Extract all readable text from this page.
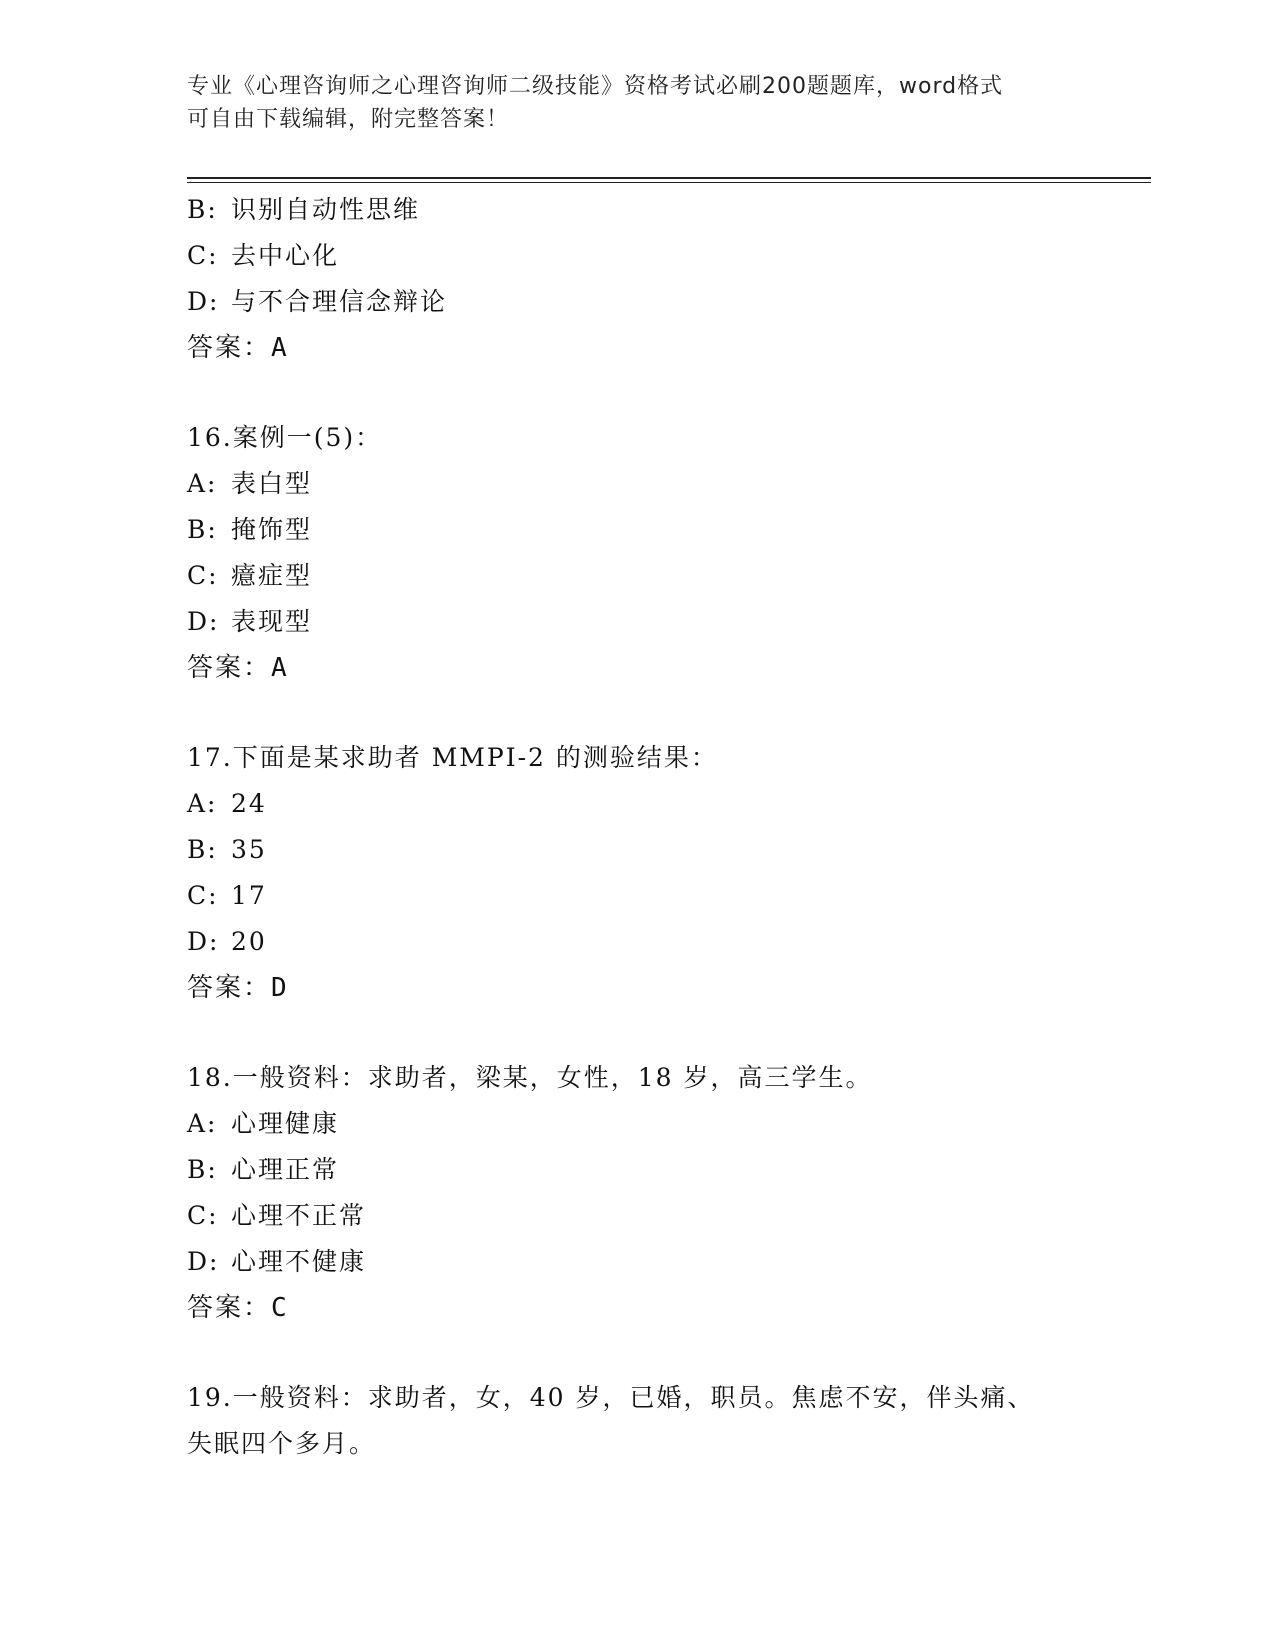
专业《心理咨询师之心理咨询师二级技能》资格考试必刷200题题库，word格式
可自由下载编辑，附完整答案！
B: 识别自动性思维
C: 去中心化
D: 与不合理信念辩论
答案：A
16.案例一(5)：
A: 表白型
B: 掩饰型
C: 癔症型
D: 表现型
答案：A
17.下面是某求助者 MMPI-2 的测验结果：
A: 24
B: 35
C: 17
D: 20
答案：D
18.一般资料：求助者，梁某，女性，18 岁，高三学生。
A: 心理健康
B: 心理正常
C: 心理不正常
D: 心理不健康
答案：C
19.一般资料：求助者，女，40 岁，已婚，职员。焦虑不安，伴头痛、
失眠四个多月。
